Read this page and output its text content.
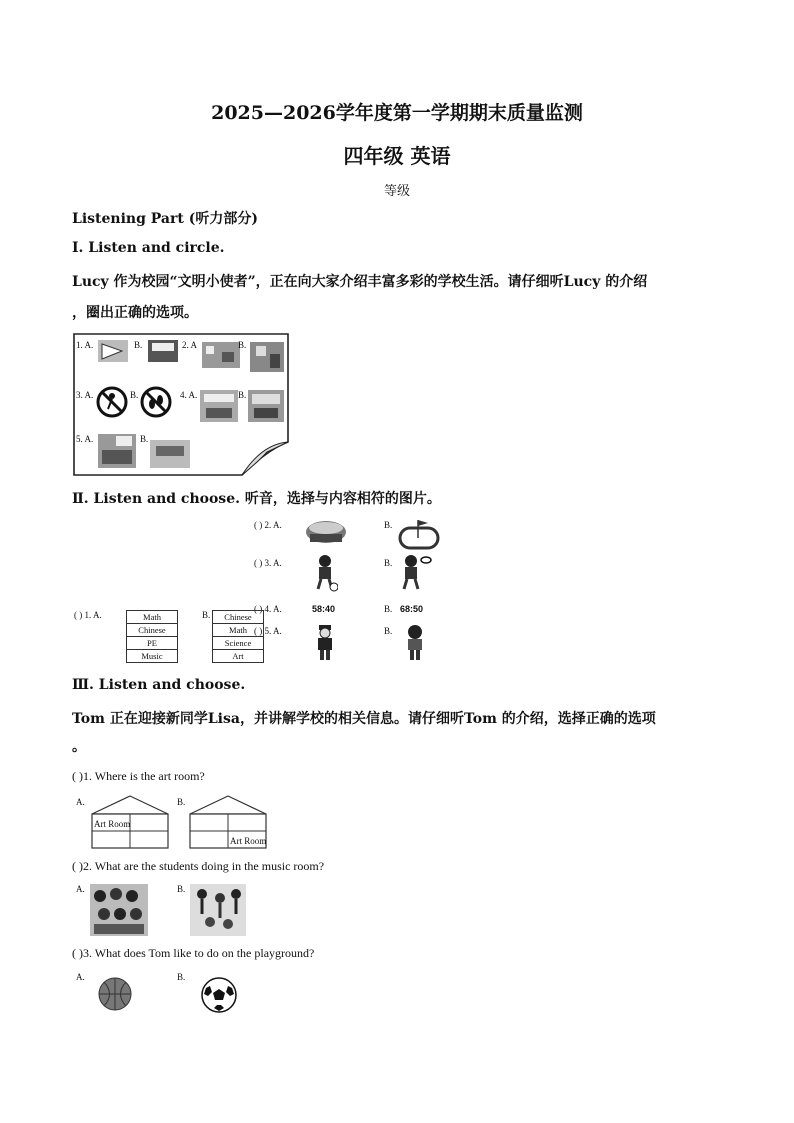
2025—2026学年度第一学期期末质量监测
四年级 英语
等级
Listening Part (听力部分)
Ⅰ. Listen and circle.
Lucy 作为校园“文明小使者”，正在向大家介绍丰富多彩的学校生活。请仔细听Lucy 的介绍
，圈出正确的选项。
1. A.	B.	2. A	B.
3. A.	B.	4. A.	B.
5. A.	B.
Ⅱ. Listen and choose. 听音，选择与内容相符的图片。
( ) 2. A.	B.
( ) 3. A.	B.
( ) 4. A.	58:40	B. 68:50
( ) 5. A.	B.
( ) 1. A.	Math
Chinese
PE
Music
B. Chinese
Math
Science
Art
Ⅲ. Listen and choose.
Tom 正在迎接新同学Lisa，并讲解学校的相关信息。请仔细听Tom 的介绍，选择正确的选项
。
( )1. Where is the art room?
A.
Art Room
B.
Art Room
( )2. What are the students doing in the music room?
A.	B.
( )3. What does Tom like to do on the playground?
A.	B.
